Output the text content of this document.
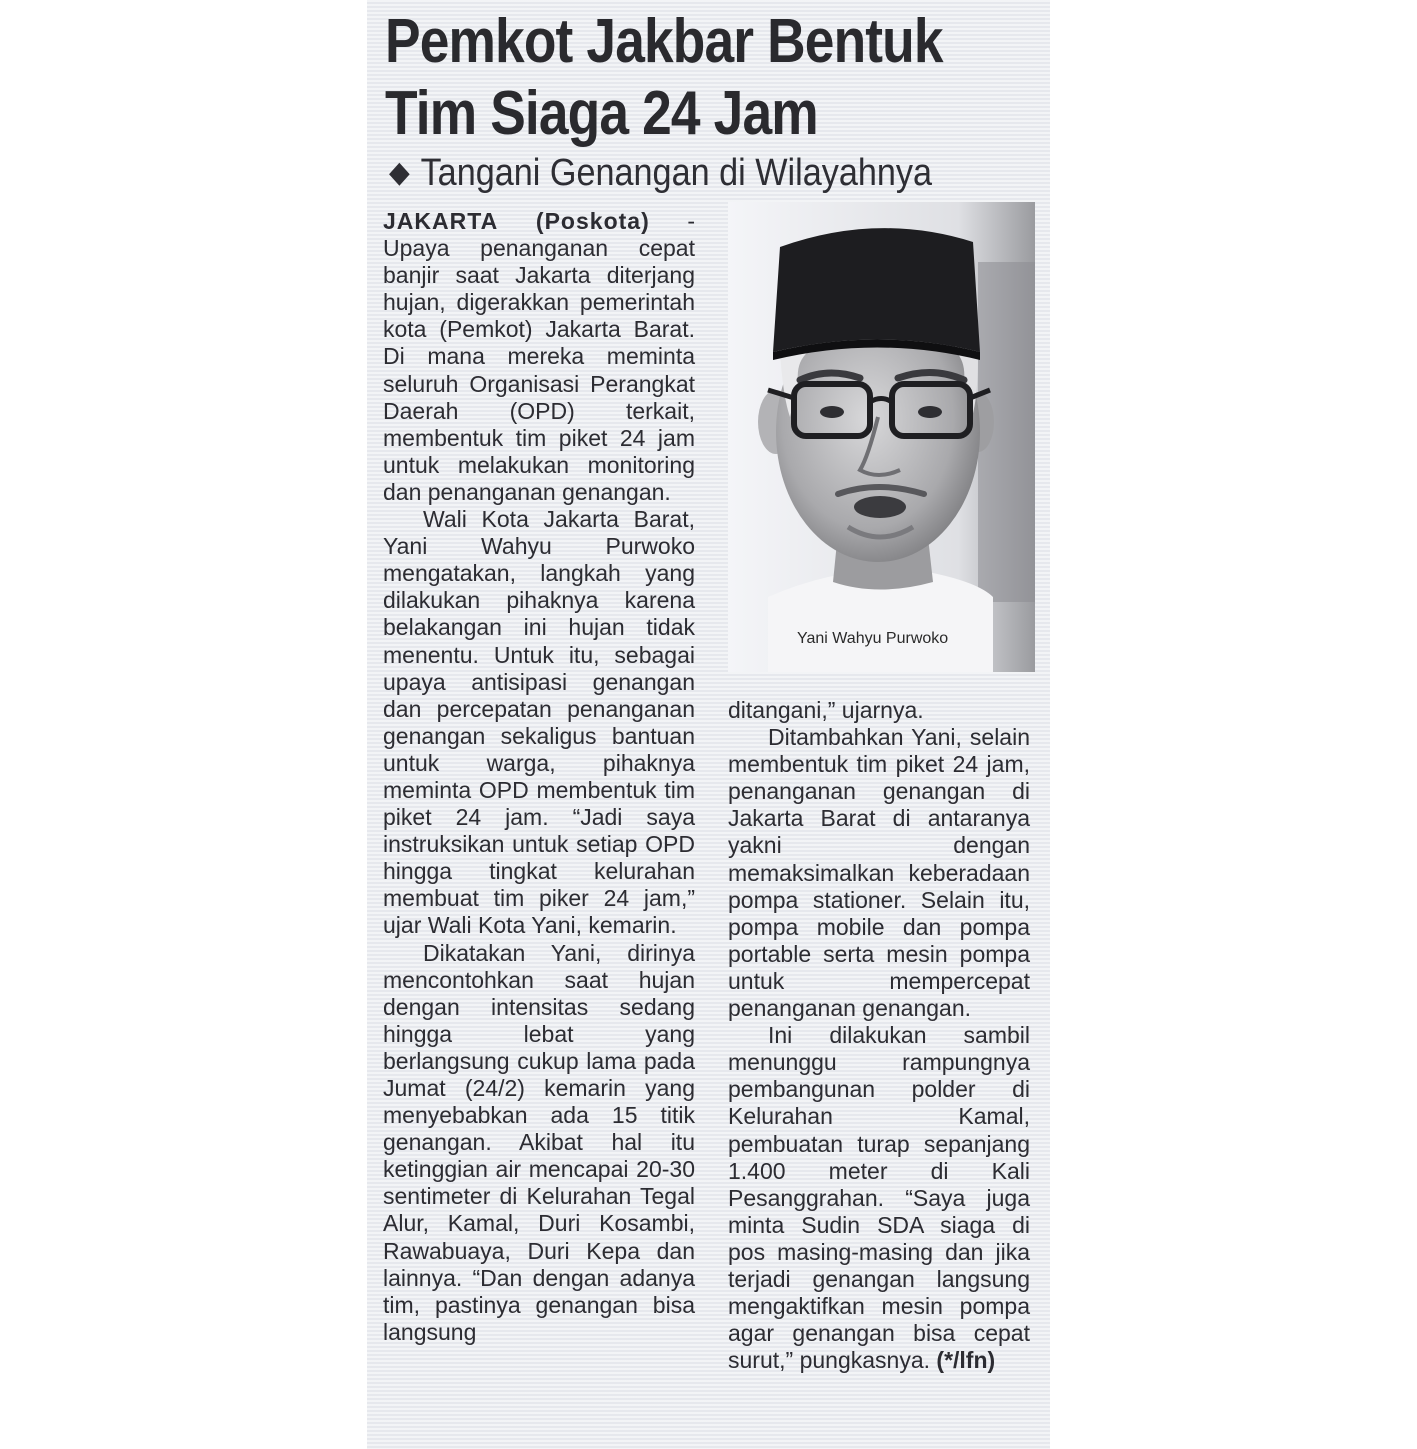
Pemkot Jakbar Bentuk
Tim Siaga 24 Jam
◆ Tangani Genangan di Wilayahnya

JAKARTA (Poskota) - Upaya penanganan cepat banjir saat Jakarta diterjang hujan, digerakkan pemerintah kota (Pemkot) Jakarta Barat. Di mana mereka meminta seluruh Organisasi Perangkat Daerah (OPD) terkait, membentuk tim piket 24 jam untuk melakukan monitoring dan penanganan genangan.

Wali Kota Jakarta Barat, Yani Wahyu Purwoko mengatakan, langkah yang dilakukan pihaknya karena belakangan ini hujan tidak menentu. Untuk itu, sebagai upaya antisipasi genangan dan percepatan penanganan genangan sekaligus bantuan untuk warga, pihaknya meminta OPD membentuk tim piket 24 jam. “Jadi saya instruksikan untuk setiap OPD hingga tingkat kelurahan membuat tim piker 24 jam,” ujar Wali Kota Yani, kemarin.

Dikatakan Yani, dirinya mencontohkan saat hujan dengan intensitas sedang hingga lebat yang berlangsung cukup lama pada Jumat (24/2) kemarin yang menyebabkan ada 15 titik genangan. Akibat hal itu ketinggian air mencapai 20-30 sentimeter di Kelurahan Tegal Alur, Kamal, Duri Kosambi, Rawabuaya, Duri Kepa dan lainnya. “Dan dengan adanya tim, pastinya genangan bisa langsung

Yani Wahyu Purwoko

ditangani,” ujarnya.

Ditambahkan Yani, selain membentuk tim piket 24 jam, penanganan genangan di Jakarta Barat di antaranya yakni dengan memaksimalkan keberadaan pompa stationer. Selain itu, pompa mobile dan pompa portable serta mesin pompa untuk mempercepat penanganan genangan.

Ini dilakukan sambil menunggu rampungnya pembangunan polder di Kelurahan Kamal, pembuatan turap sepanjang 1.400 meter di Kali Pesanggrahan. “Saya juga minta Sudin SDA siaga di pos masing-masing dan jika terjadi genangan langsung mengaktifkan mesin pompa agar genangan bisa cepat surut,” pungkasnya. (*/lfn)
